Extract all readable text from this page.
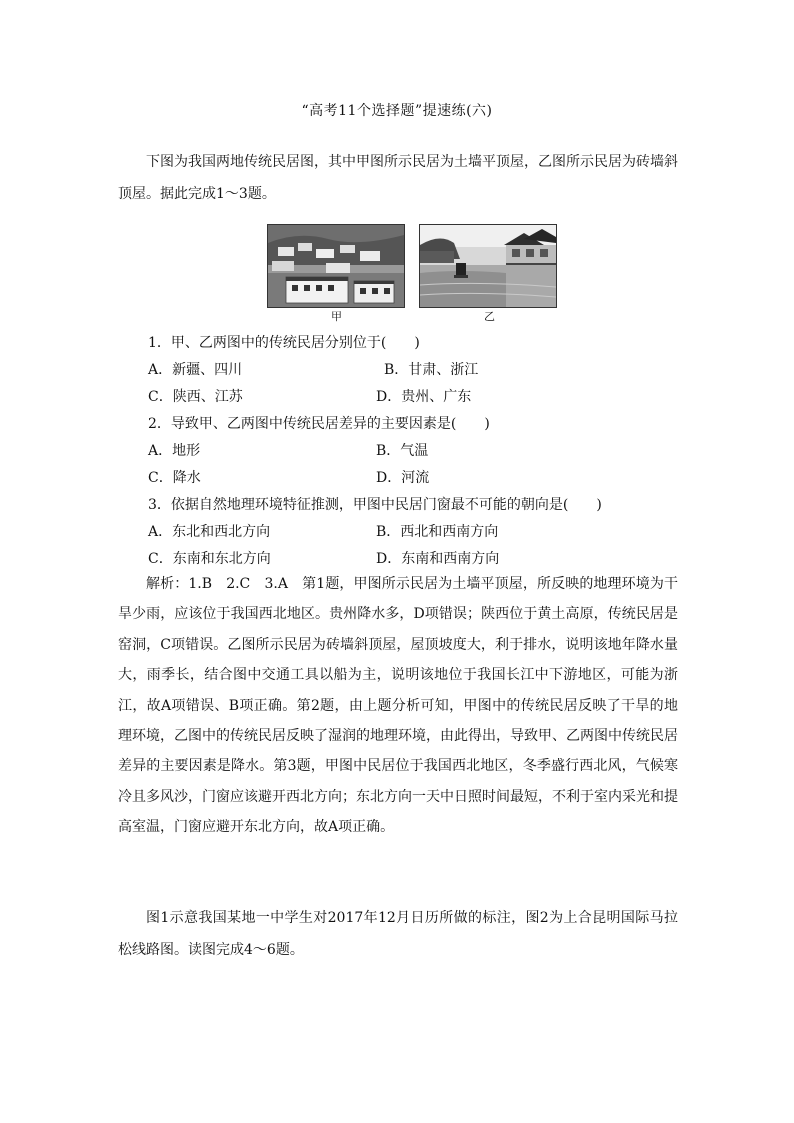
“高考11个选择题”提速练(六)

下图为我国两地传统民居图，其中甲图所示民居为土墙平顶屋，乙图所示民居为砖墙斜顶屋。据此完成1～3题。

甲	乙
1．甲、乙两图中的传统民居分别位于(　　)
A．新疆、四川	B．甘肃、浙江
C．陕西、江苏	D．贵州、广东
2．导致甲、乙两图中传统民居差异的主要因素是(　　)
A．地形	B．气温
C．降水	D．河流
3．依据自然地理环境特征推测，甲图中民居门窗最不可能的朝向是(　　)
A．东北和西北方向	B．西北和西南方向
C．东南和东北方向	D．东南和西南方向

解析：1.B　2.C　3.A　第1题，甲图所示民居为土墙平顶屋，所反映的地理环境为干旱少雨，应该位于我国西北地区。贵州降水多，D项错误；陕西位于黄土高原，传统民居是窑洞，C项错误。乙图所示民居为砖墙斜顶屋，屋顶坡度大，利于排水，说明该地年降水量大，雨季长，结合图中交通工具以船为主，说明该地位于我国长江中下游地区，可能为浙江，故A项错误、B项正确。第2题，由上题分析可知，甲图中的传统民居反映了干旱的地理环境，乙图中的传统民居反映了湿润的地理环境，由此得出，导致甲、乙两图中传统民居差异的主要因素是降水。第3题，甲图中民居位于我国西北地区，冬季盛行西北风，气候寒冷且多风沙，门窗应该避开西北方向；东北方向一天中日照时间最短，不利于室内采光和提高室温，门窗应避开东北方向，故A项正确。

图1示意我国某地一中学生对2017年12月日历所做的标注，图2为上合昆明国际马拉松线路图。读图完成4～6题。
